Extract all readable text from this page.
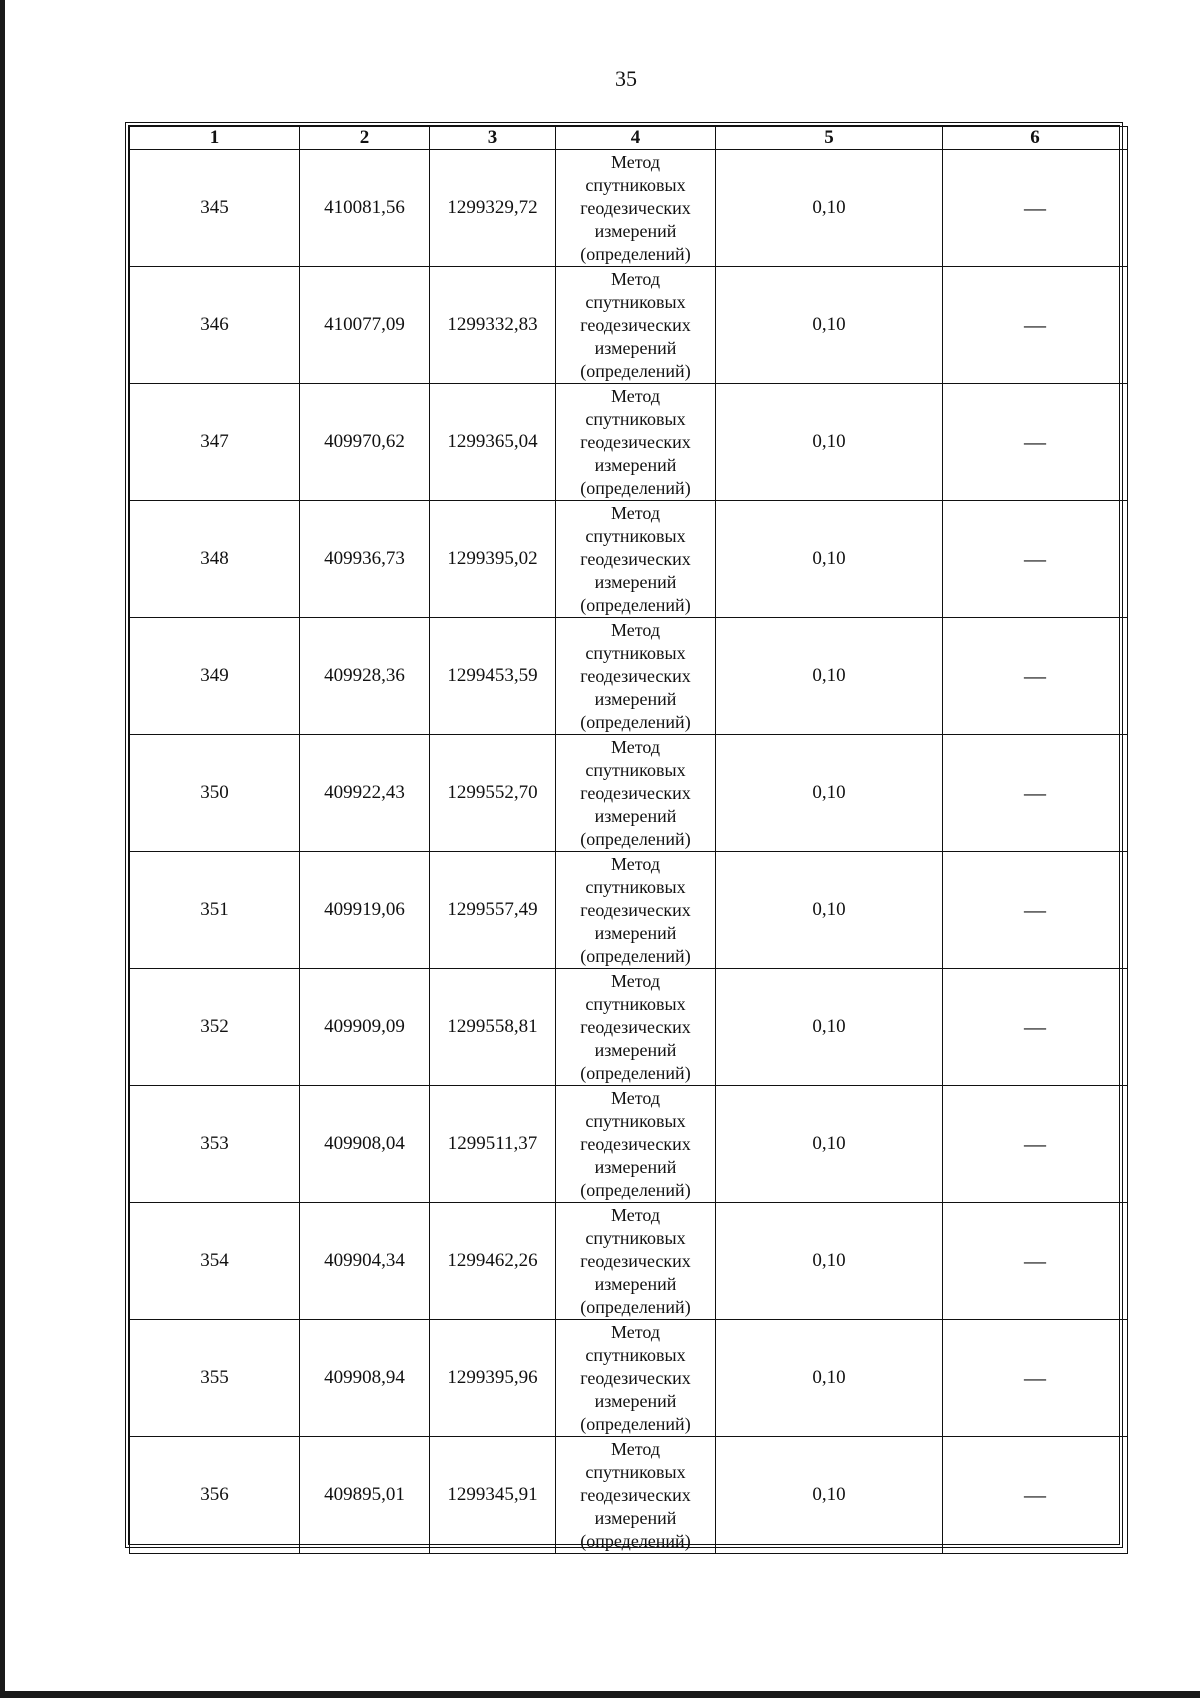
35
1	2	3	4	5	6
345	410081,56	1299329,72	Метод
спутниковых
геодезических
измерений
(определений)	0,10	—
346	410077,09	1299332,83	Метод
спутниковых
геодезических
измерений
(определений)	0,10	—
347	409970,62	1299365,04	Метод
спутниковых
геодезических
измерений
(определений)	0,10	—
348	409936,73	1299395,02	Метод
спутниковых
геодезических
измерений
(определений)	0,10	—
349	409928,36	1299453,59	Метод
спутниковых
геодезических
измерений
(определений)	0,10	—
350	409922,43	1299552,70	Метод
спутниковых
геодезических
измерений
(определений)	0,10	—
351	409919,06	1299557,49	Метод
спутниковых
геодезических
измерений
(определений)	0,10	—
352	409909,09	1299558,81	Метод
спутниковых
геодезических
измерений
(определений)	0,10	—
353	409908,04	1299511,37	Метод
спутниковых
геодезических
измерений
(определений)	0,10	—
354	409904,34	1299462,26	Метод
спутниковых
геодезических
измерений
(определений)	0,10	—
355	409908,94	1299395,96	Метод
спутниковых
геодезических
измерений
(определений)	0,10	—
356	409895,01	1299345,91	Метод
спутниковых
геодезических
измерений
(определений)	0,10	—
